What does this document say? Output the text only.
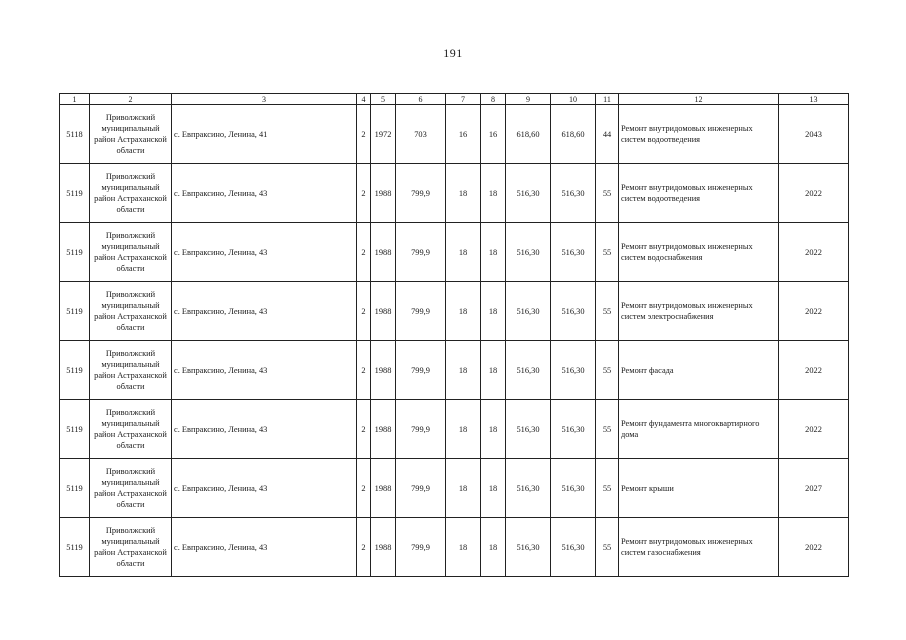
191
1	2	3	4	5	6	7	8	9	10	11	12	13
5118	Приволжский муниципальный район Астраханской области	с. Евпраксино, Ленина, 41	2	1972	703	16	16	618,60	618,60	44	Ремонт внутридомовых инженерных систем водоотведения	2043
5119	Приволжский муниципальный район Астраханской области	с. Евпраксино, Ленина, 43	2	1988	799,9	18	18	516,30	516,30	55	Ремонт внутридомовых инженерных систем водоотведения	2022
5119	Приволжский муниципальный район Астраханской области	с. Евпраксино, Ленина, 43	2	1988	799,9	18	18	516,30	516,30	55	Ремонт внутридомовых инженерных систем водоснабжения	2022
5119	Приволжский муниципальный район Астраханской области	с. Евпраксино, Ленина, 43	2	1988	799,9	18	18	516,30	516,30	55	Ремонт внутридомовых инженерных систем электроснабжения	2022
5119	Приволжский муниципальный район Астраханской области	с. Евпраксино, Ленина, 43	2	1988	799,9	18	18	516,30	516,30	55	Ремонт фасада	2022
5119	Приволжский муниципальный район Астраханской области	с. Евпраксино, Ленина, 43	2	1988	799,9	18	18	516,30	516,30	55	Ремонт фундамента многоквартирного дома	2022
5119	Приволжский муниципальный район Астраханской области	с. Евпраксино, Ленина, 43	2	1988	799,9	18	18	516,30	516,30	55	Ремонт крыши	2027
5119	Приволжский муниципальный район Астраханской области	с. Евпраксино, Ленина, 43	2	1988	799,9	18	18	516,30	516,30	55	Ремонт внутридомовых инженерных систем газоснабжения	2022
